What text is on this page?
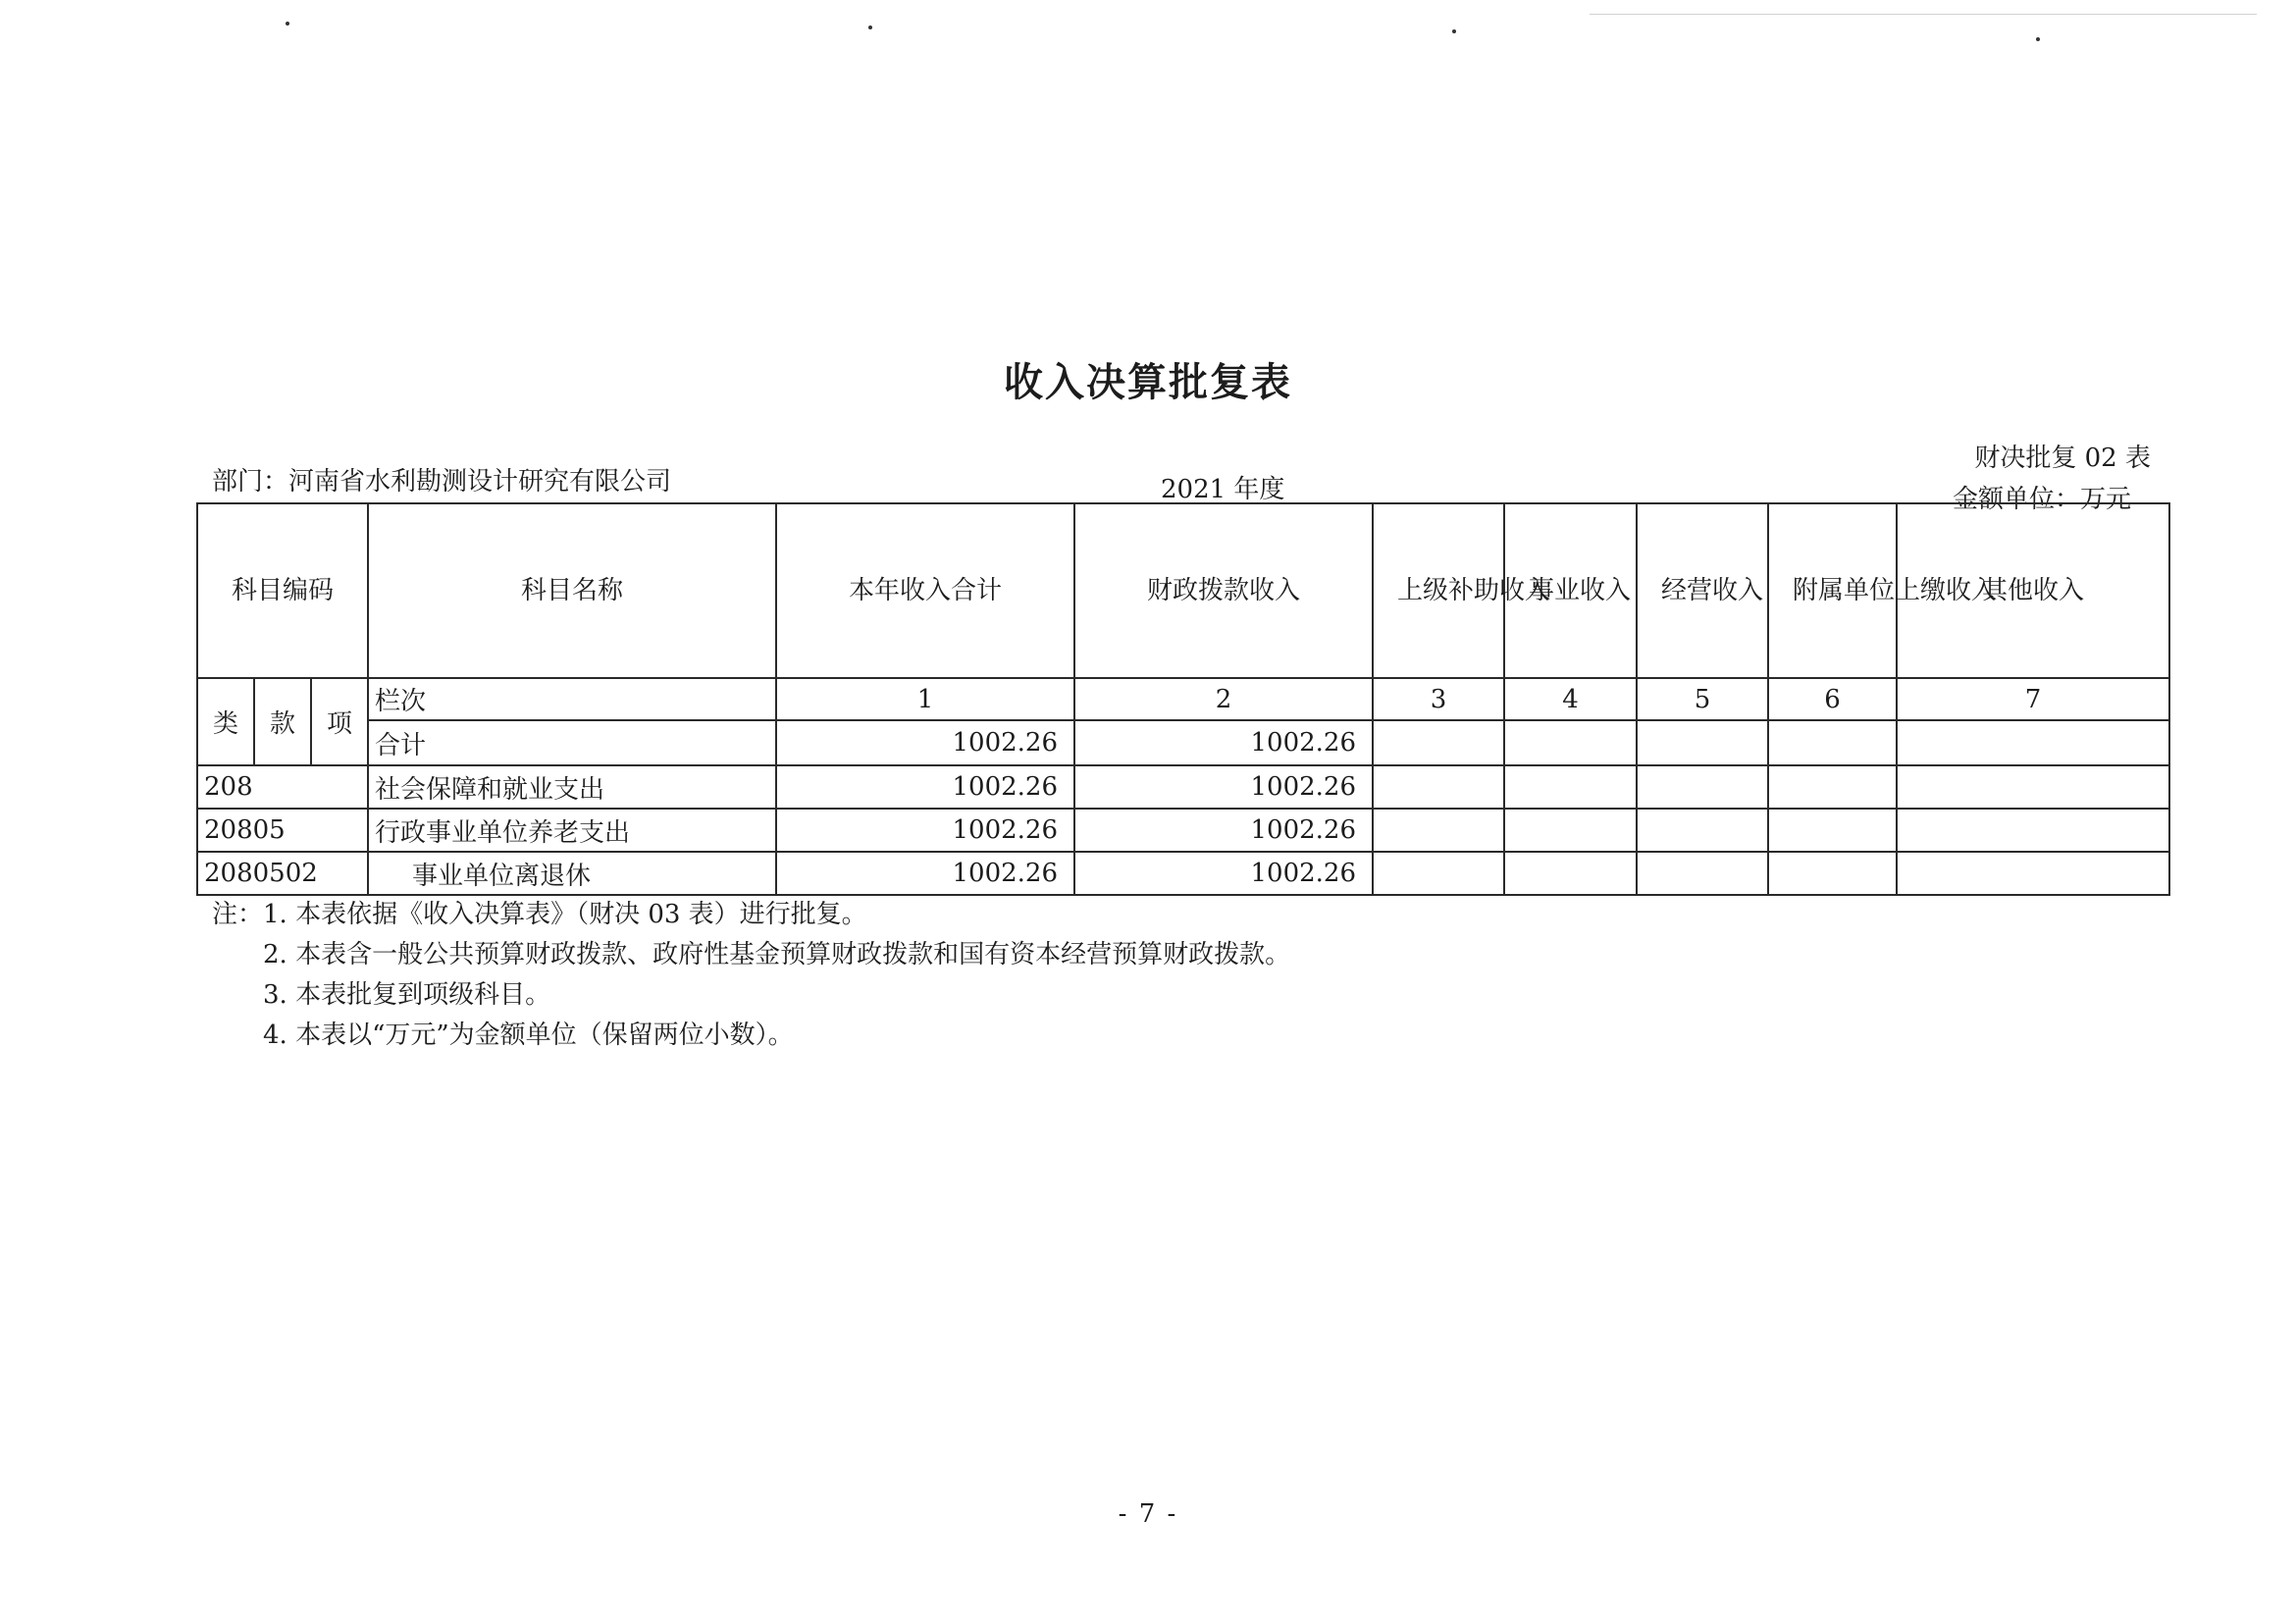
收入决算批复表
财决批复 02 表
部门：河南省水利勘测设计研究有限公司	2021 年度	金额单位：万元
科目编码			科目名称	本年收入合计	财政拨款收入	上级补助收入	事业收入	经营收入	附属单位上缴收入	其他收入
类	款	项	栏次	1	2	3	4	5	6	7
			合计	1002.26	1002.26					
208			社会保障和就业支出	1002.26	1002.26					
20805			行政事业单位养老支出	1002.26	1002.26					
2080502			事业单位离退休	1002.26	1002.26					
注：1. 本表依据《收入决算表》（财决 03 表）进行批复。
2. 本表含一般公共预算财政拨款、政府性基金预算财政拨款和国有资本经营预算财政拨款。
3. 本表批复到项级科目。
4. 本表以“万元”为金额单位（保留两位小数）。
- 7 -
